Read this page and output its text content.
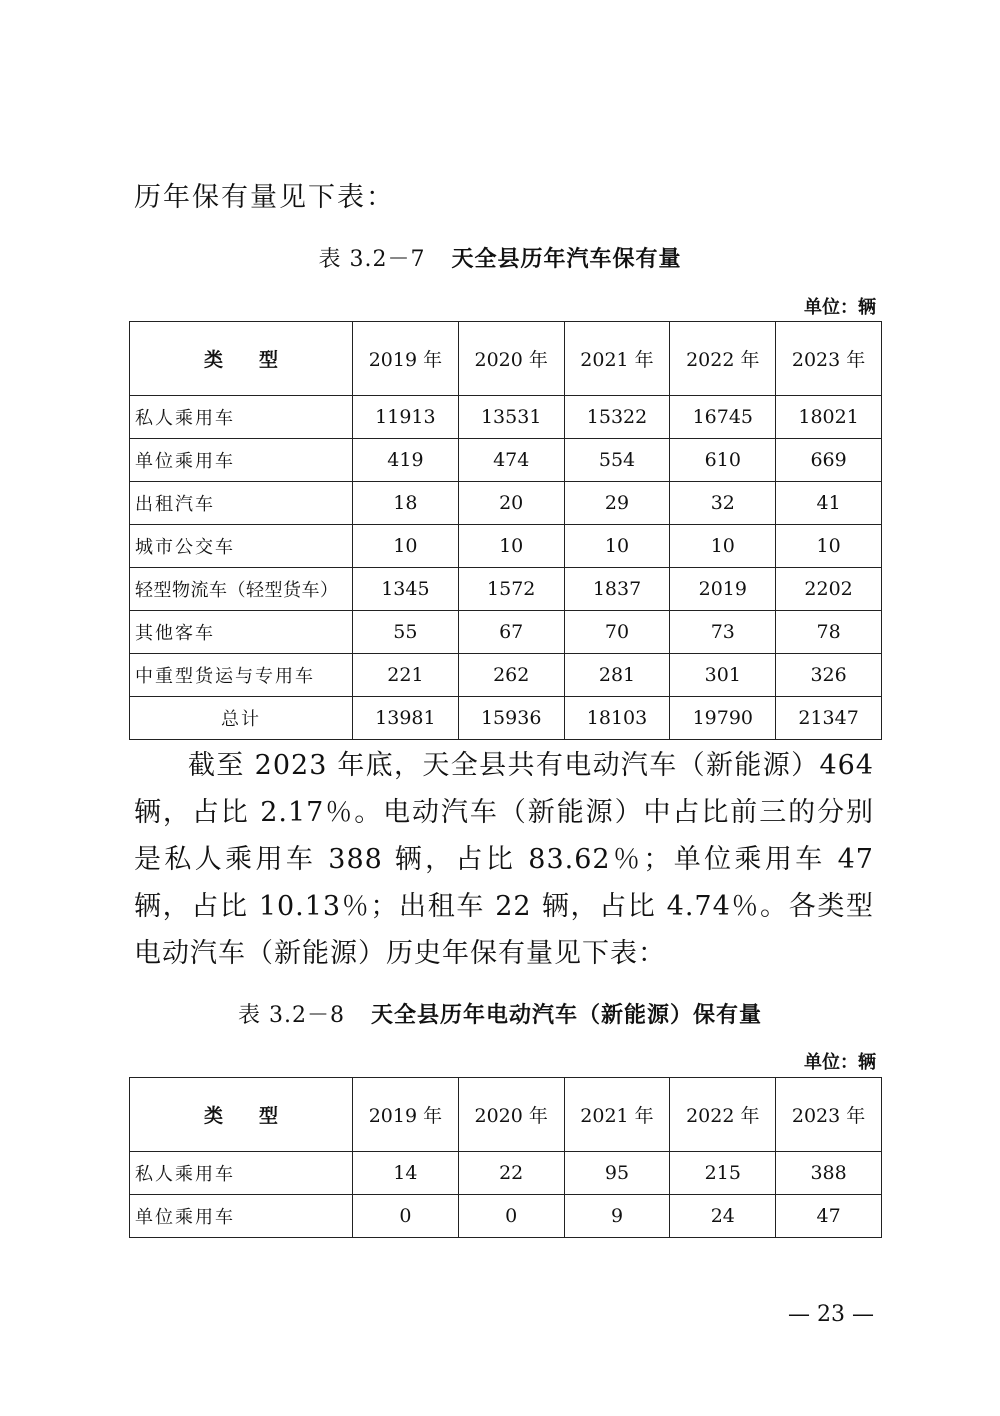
历年保有量见下表：
表 3.2－7 天全县历年汽车保有量
单位：辆
类型	2019 年	2020 年	2021 年	2022 年	2023 年
私人乘用车	11913	13531	15322	16745	18021
单位乘用车	419	474	554	610	669
出租汽车	18	20	29	32	41
城市公交车	10	10	10	10	10
轻型物流车（轻型货车）	1345	1572	1837	2019	2202
其他客车	55	67	70	73	78
中重型货运与专用车	221	262	281	301	326
总计	13981	15936	18103	19790	21347

截至 2023 年底，天全县共有电动汽车（新能源）464 辆，占比 2.17％。电动汽车（新能源）中占比前三的分别是私人乘用车 388 辆，占比 83.62％；单位乘用车 47 辆，占比 10.13％；出租车 22 辆，占比 4.74％。各类型电动汽车（新能源）历史年保有量见下表：

表 3.2－8 天全县历年电动汽车（新能源）保有量
单位：辆
类型	2019 年	2020 年	2021 年	2022 年	2023 年
私人乘用车	14	22	95	215	388
单位乘用车	0	0	9	24	47
— 23 —
